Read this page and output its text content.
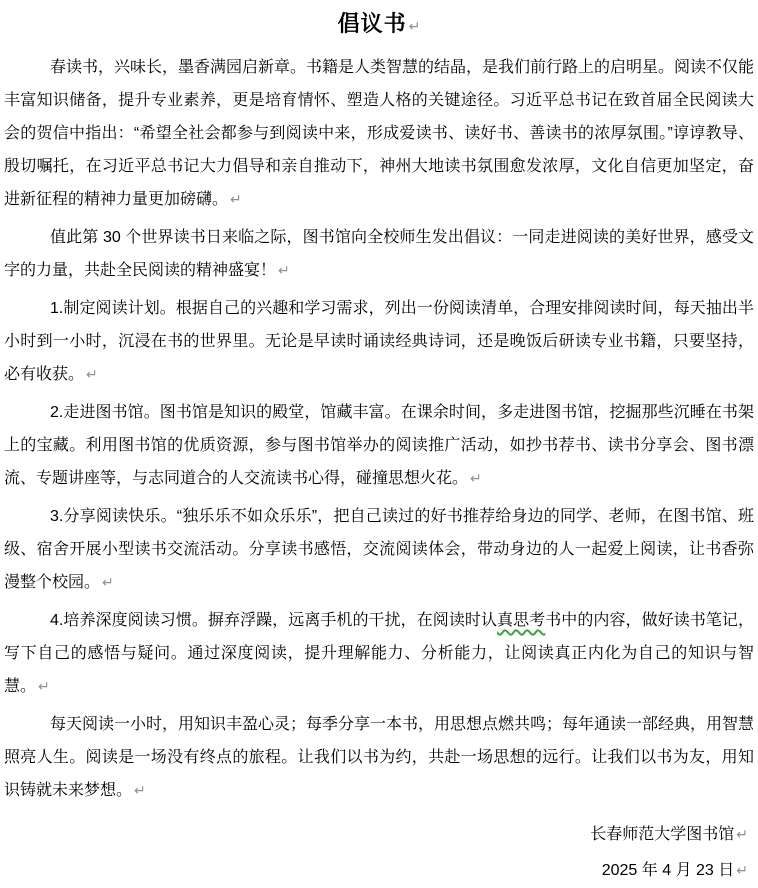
倡议书 ↵

春读书，兴味长，墨香满园启新章。书籍是人类智慧的结晶，是我们前行路上的启明星。阅读不仅能丰富知识储备，提升专业素养，更是培育情怀、塑造人格的关键途径。习近平总书记在致首届全民阅读大会的贺信中指出：“希望全社会都参与到阅读中来，形成爱读书、读好书、善读书的浓厚氛围。”谆谆教导、殷切嘱托，在习近平总书记大力倡导和亲自推动下，神州大地读书氛围愈发浓厚，文化自信更加坚定，奋进新征程的精神力量更加磅礴。 ↵

值此第 30 个世界读书日来临之际，图书馆向全校师生发出倡议：一同走进阅读的美好世界，感受文字的力量，共赴全民阅读的精神盛宴！ ↵

1.制定阅读计划。根据自己的兴趣和学习需求，列出一份阅读清单，合理安排阅读时间，每天抽出半小时到一小时，沉浸在书的世界里。无论是早读时诵读经典诗词，还是晚饭后研读专业书籍，只要坚持，必有收获。 ↵

2.走进图书馆。图书馆是知识的殿堂，馆藏丰富。在课余时间，多走进图书馆，挖掘那些沉睡在书架上的宝藏。利用图书馆的优质资源，参与图书馆举办的阅读推广活动，如抄书荐书、读书分享会、图书漂流、专题讲座等，与志同道合的人交流读书心得，碰撞思想火花。 ↵

3.分享阅读快乐。“独乐乐不如众乐乐”，把自己读过的好书推荐给身边的同学、老师，在图书馆、班级、宿舍开展小型读书交流活动。分享读书感悟，交流阅读体会，带动身边的人一起爱上阅读，让书香弥漫整个校园。 ↵

4.培养深度阅读习惯。摒弃浮躁，远离手机的干扰，在阅读时认真思考书中的内容，做好读书笔记，写下自己的感悟与疑问。通过深度阅读，提升理解能力、分析能力，让阅读真正内化为自己的知识与智慧。 ↵

每天阅读一小时，用知识丰盈心灵；每季分享一本书，用思想点燃共鸣；每年通读一部经典，用智慧照亮人生。阅读是一场没有终点的旅程。让我们以书为约，共赴一场思想的远行。让我们以书为友，用知识铸就未来梦想。 ↵

长春师范大学图书馆 ↵

2025 年 4 月 23 日 ↵
